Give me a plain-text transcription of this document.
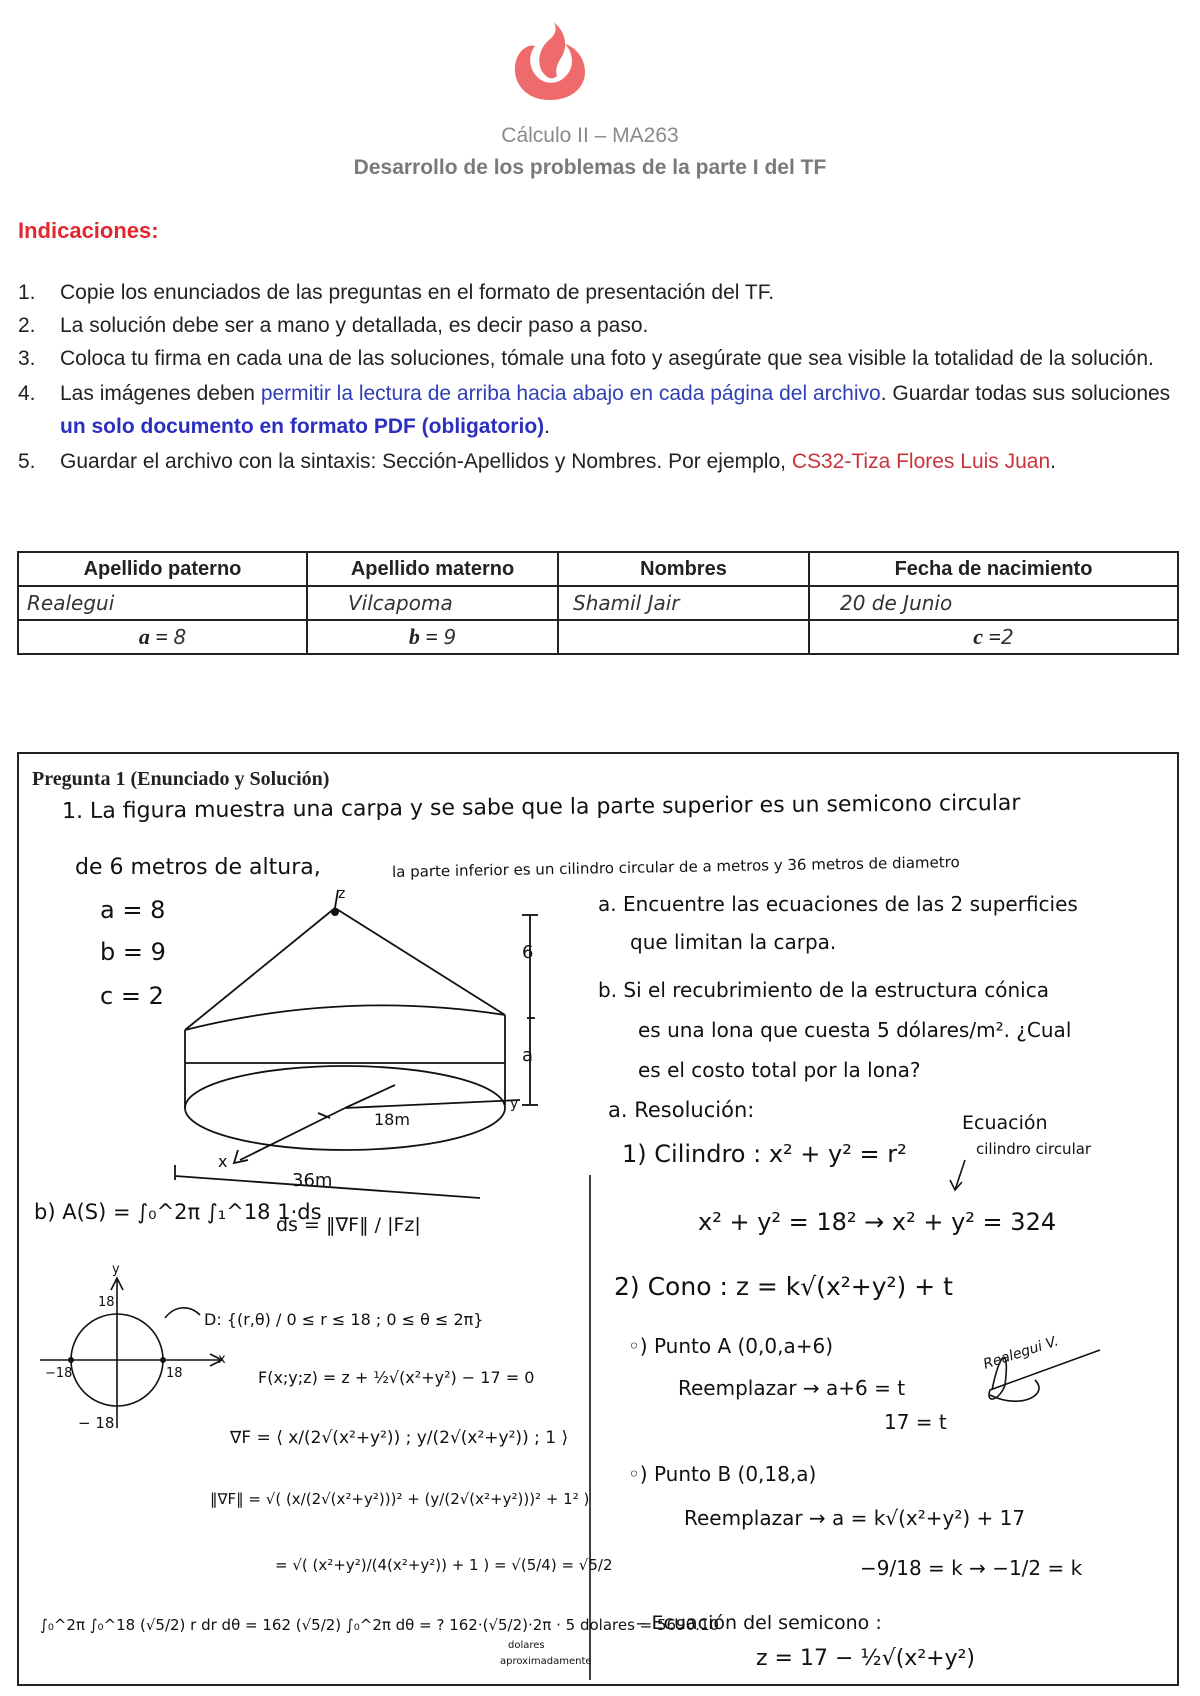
Cálculo II – MA263
Desarrollo de los problemas de la parte I del TF
Indicaciones:
1. Copie los enunciados de las preguntas en el formato de presentación del TF.
2. La solución debe ser a mano y detallada, es decir paso a paso.
3. Coloca tu firma en cada una de las soluciones, tómale una foto y asegúrate que sea visible la totalidad de la solución.
4. Las imágenes deben permitir la lectura de arriba hacia abajo en cada página del archivo. Guardar todas sus soluciones un solo documento en formato PDF (obligatorio).
5. Guardar el archivo con la sintaxis: Sección-Apellidos y Nombres. Por ejemplo, CS32-Tiza Flores Luis Juan.
Apellido paterno	Apellido materno	Nombres	Fecha de nacimiento
Realegui	Vilcapoma	Shamil Jair	20 de Junio
a = 8	b = 9		c =2
Pregunta 1 (Enunciado y Solución)
1. La figura muestra una carpa y se sabe que la parte superior es un semicono circular
de 6 metros de altura,	la parte inferior es un cilindro circular de a metros y 36 metros de diametro
a = 8
b = 9
c = 2
z
6
a
y
x
18m
36m
a. Encuentre las ecuaciones de las 2 superficies
que limitan la carpa.
b. Si el recubrimiento de la estructura cónica
es una lona que cuesta 5 dólares/m². ¿Cual
es el costo total por la lona?
a. Resolución:
Ecuación
cilindro circular
1) Cilindro : x² + y² = r²
x² + y² = 18² → x² + y² = 324
2) Cono : z = k√(x²+y²) + t
◦) Punto A (0,0,a+6)
Reemplazar → a+6 = t
17 = t
◦) Punto B (0,18,a)
Reemplazar → a = k√(x²+y²) + 17
−9/18 = k → −1/2 = k
– Ecuación del semicono :
z = 17 − ½√(x²+y²)
Realegui V.
b) A(S) = ∫₀^2π ∫₁^18 1·ds
ds = ‖∇F‖ / |Fz|
18
−18	18
− 18
y
x
D: {(r,θ) / 0 ≤ r ≤ 18 ; 0 ≤ θ ≤ 2π}
F(x;y;z) = z + ½√(x²+y²) − 17 = 0
∇F = ⟨ x/(2√(x²+y²)) ; y/(2√(x²+y²)) ; 1 ⟩
‖∇F‖ = √( (x/(2√(x²+y²)))² + (y/(2√(x²+y²)))² + 1² )
= √( (x²+y²)/(4(x²+y²)) + 1 ) = √(5/4) = √5/2
∫₀^2π ∫₀^18 (√5/2) r dr dθ = 162 (√5/2) ∫₀^2π dθ = ? 162·(√5/2)·2π · 5 dolares = 5690.10
dolares
aproximadamente
